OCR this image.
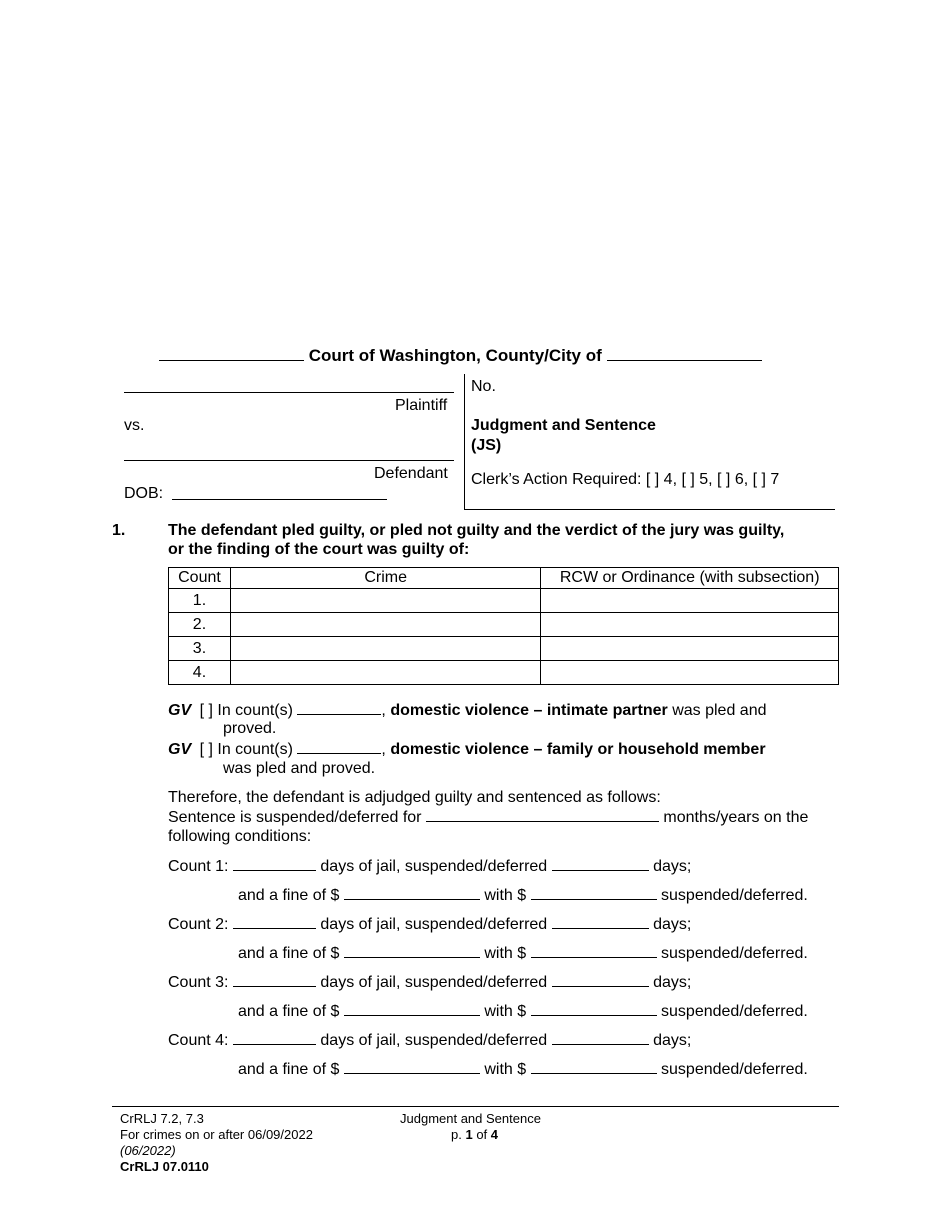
Court of Washington, County/City of
Plaintiff
vs.
Defendant
DOB:
No.
Judgment and Sentence
(JS)
Clerk’s Action Required: [ ] 4, [ ] 5, [ ] 6, [ ] 7
1.	The defendant pled guilty, or pled not guilty and the verdict of the jury was guilty,
or the finding of the court was guilty of:
Count	Crime	RCW or Ordinance (with subsection)
1.		
2.		
3.		
4.		
GV [ ] In count(s)	, domestic violence – intimate partner was pled and
proved.
GV [ ] In count(s)	, domestic violence – family or household member
was pled and proved.
Therefore, the defendant is adjudged guilty and sentenced as follows:
Sentence is suspended/deferred for	months/years on the
following conditions:
Count 1:	days of jail, suspended/deferred	days;
and a fine of $	with $	suspended/deferred.
Count 2:	days of jail, suspended/deferred	days;
and a fine of $	with $	suspended/deferred.
Count 3:	days of jail, suspended/deferred	days;
and a fine of $	with $	suspended/deferred.
Count 4:	days of jail, suspended/deferred	days;
and a fine of $	with $	suspended/deferred.
CrRLJ 7.2, 7.3
For crimes on or after 06/09/2022
(06/2022)
CrRLJ 07.0110
Judgment and Sentence
p. 1 of 4
